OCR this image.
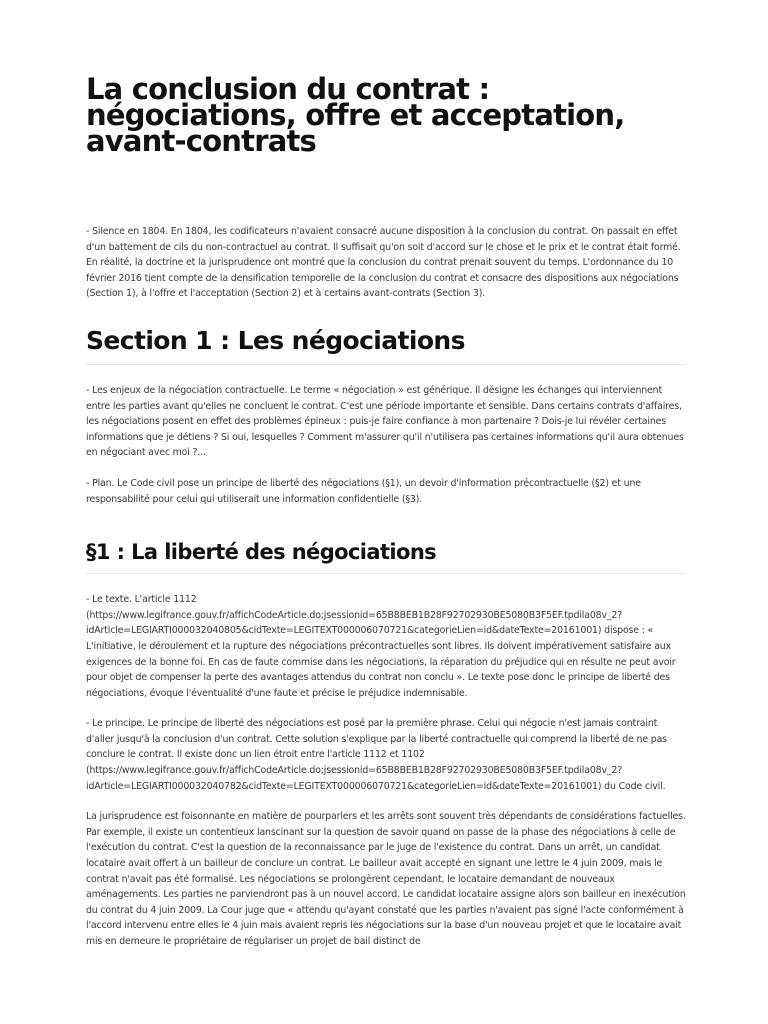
La conclusion du contrat : négociations, offre et acceptation, avant-contrats

- Silence en 1804. En 1804, les codificateurs n'avaient consacré aucune disposition à la conclusion du contrat. On passait en effet d'un battement de cils du non-contractuel au contrat. Il suffisait qu'on soit d'accord sur le chose et le prix et le contrat était formé. En réalité, la doctrine et la jurisprudence ont montré que la conclusion du contrat prenait souvent du temps. L'ordonnance du 10 février 2016 tient compte de la densification temporelle de la conclusion du contrat et consacre des dispositions aux négociations (Section 1), à l'offre et l'acceptation (Section 2) et à certains avant-contrats (Section 3).

Section 1 : Les négociations

- Les enjeux de la négociation contractuelle. Le terme « négociation » est générique. Il désigne les échanges qui interviennent entre les parties avant qu'elles ne concluent le contrat. C'est une période importante et sensible. Dans certains contrats d'affaires, les négociations posent en effet des problèmes épineux : puis-je faire confiance à mon partenaire ? Dois-je lui révéler certaines informations que je détiens ? Si oui, lesquelles ? Comment m'assurer qu'il n'utilisera pas certaines informations qu'il aura obtenues en négociant avec moi ?...

- Plan. Le Code civil pose un principe de liberté des négociations (§1), un devoir d'information précontractuelle (§2) et une responsabilité pour celui qui utiliserait une information confidentielle (§3).

§1 : La liberté des négociations

- Le texte. L'article 1112 (https://www.legifrance.gouv.fr/affichCodeArticle.do;jsessionid=65B8BEB1B28F92702930BE5080B3F5EF.tpdila08v_2?idArticle=LEGIARTI000032040805&cidTexte=LEGITEXT000006070721&categorieLien=id&dateTexte=20161001) dispose : « L'initiative, le déroulement et la rupture des négociations précontractuelles sont libres. Ils doivent impérativement satisfaire aux exigences de la bonne foi. En cas de faute commise dans les négociations, la réparation du préjudice qui en résulte ne peut avoir pour objet de compenser la perte des avantages attendus du contrat non conclu ». Le texte pose donc le principe de liberté des négociations, évoque l'éventualité d'une faute et précise le préjudice indemnisable.

- Le principe. Le principe de liberté des négociations est posé par la première phrase. Celui qui négocie n'est jamais contraint d'aller jusqu'à la conclusion d'un contrat. Cette solution s'explique par la liberté contractuelle qui comprend la liberté de ne pas conclure le contrat. Il existe donc un lien étroit entre l'article 1112 et 1102 (https://www.legifrance.gouv.fr/affichCodeArticle.do;jsessionid=65B8BEB1B28F92702930BE5080B3F5EF.tpdila08v_2?idArticle=LEGIARTI000032040782&cidTexte=LEGITEXT000006070721&categorieLien=id&dateTexte=20161001) du Code civil.

La jurisprudence est foisonnante en matière de pourparlers et les arrêts sont souvent très dépendants de considérations factuelles. Par exemple, il existe un contentieux lanscinant sur la question de savoir quand on passe de la phase des négociations à celle de l'exécution du contrat. C'est la question de la reconnaissance par le juge de l'existence du contrat. Dans un arrêt, un candidat locataire avait offert à un bailleur de conclure un contrat. Le bailleur avait accepté en signant une lettre le 4 juin 2009, mais le contrat n'avait pas été formalisé. Les négociations se prolongèrent cependant, le locataire demandant de nouveaux aménagements. Les parties ne parviendront pas à un nouvel accord. Le candidat locataire assigne alors son bailleur en inexécution du contrat du 4 juin 2009. La Cour juge que « attendu qu'ayant constaté que les parties n'avaient pas signé l'acte conformément à l'accord intervenu entre elles le 4 juin mais avaient repris les négociations sur la base d'un nouveau projet et que le locataire avait mis en demeure le propriétaire de régulariser un projet de bail distinct de
